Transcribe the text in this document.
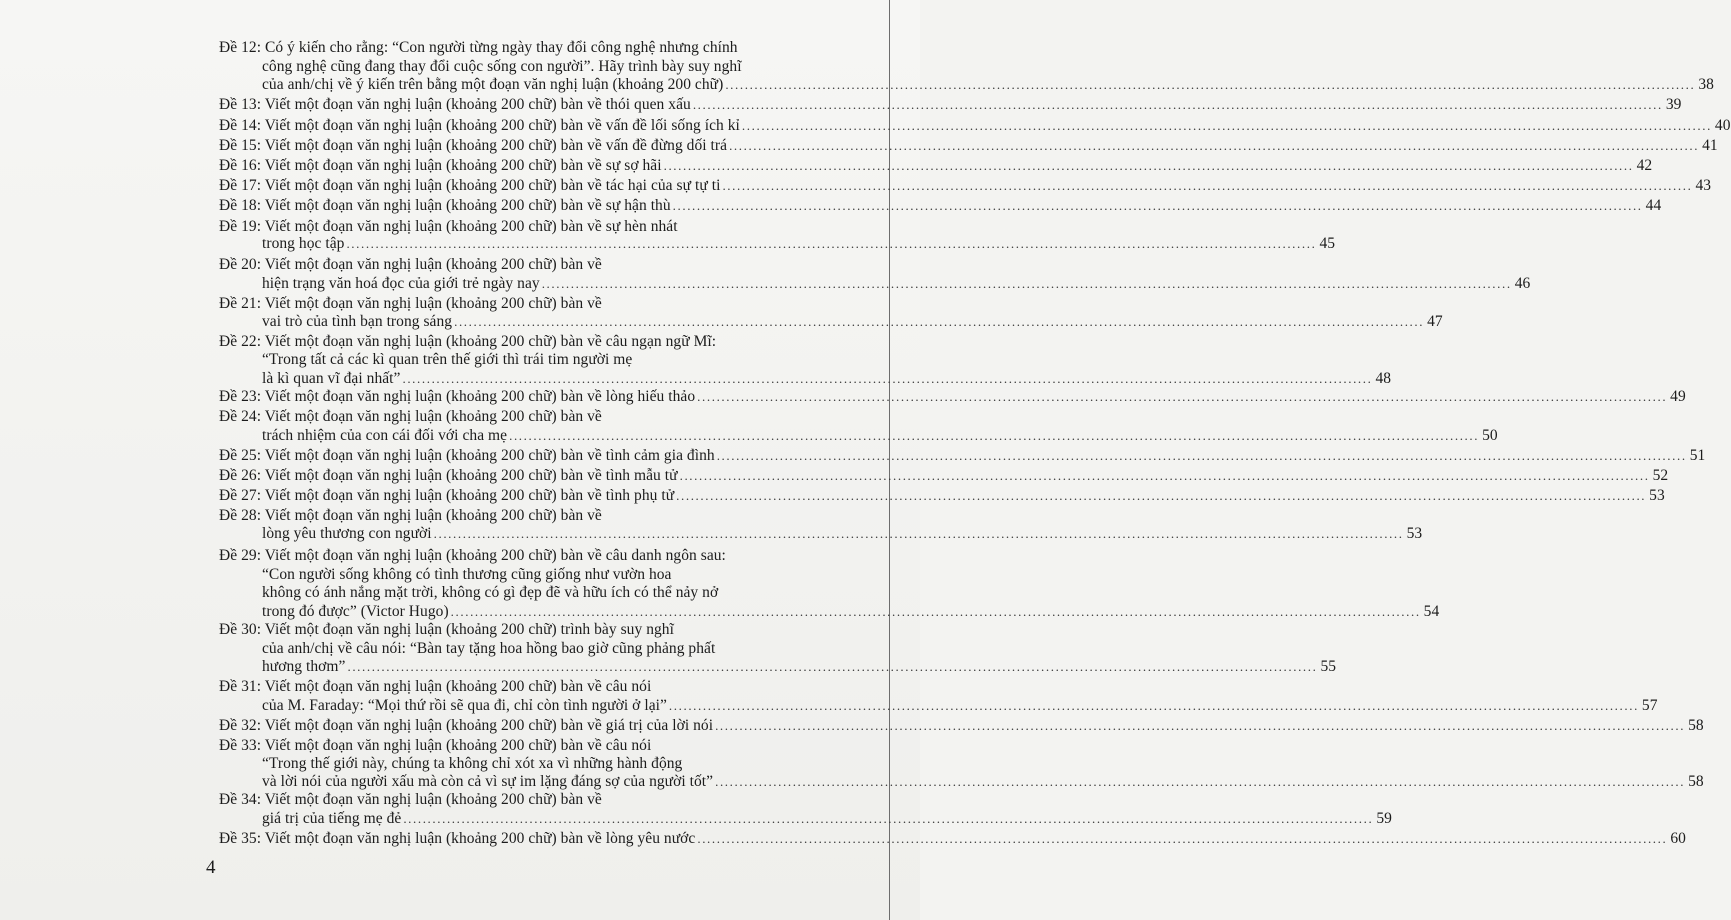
Đề 12: Có ý kiến cho rằng: “Con người từng ngày thay đổi công nghệ nhưng chính
công nghệ cũng đang thay đổi cuộc sống con người”. Hãy trình bày suy nghĩ
của anh/chị về ý kiến trên bằng một đoạn văn nghị luận (khoảng 200 chữ) ........................................................................................................................................................................................................ 38
Đề 13: Viết một đoạn văn nghị luận (khoảng 200 chữ) bàn về thói quen xấu ........................................................................................................................................................................................................ 39
Đề 14: Viết một đoạn văn nghị luận (khoảng 200 chữ) bàn về vấn đề lối sống ích kỉ ........................................................................................................................................................................................................ 40
Đề 15: Viết một đoạn văn nghị luận (khoảng 200 chữ) bàn về vấn đề đừng dối trá ........................................................................................................................................................................................................ 41
Đề 16: Viết một đoạn văn nghị luận (khoảng 200 chữ) bàn về sự sợ hãi ........................................................................................................................................................................................................ 42
Đề 17: Viết một đoạn văn nghị luận (khoảng 200 chữ) bàn về tác hại của sự tự ti ........................................................................................................................................................................................................ 43
Đề 18: Viết một đoạn văn nghị luận (khoảng 200 chữ) bàn về sự hận thù ........................................................................................................................................................................................................ 44
Đề 19: Viết một đoạn văn nghị luận (khoảng 200 chữ) bàn về sự hèn nhát
trong học tập ........................................................................................................................................................................................................ 45
Đề 20: Viết một đoạn văn nghị luận (khoảng 200 chữ) bàn về
hiện trạng văn hoá đọc của giới trẻ ngày nay ........................................................................................................................................................................................................ 46
Đề 21: Viết một đoạn văn nghị luận (khoảng 200 chữ) bàn về
vai trò của tình bạn trong sáng ........................................................................................................................................................................................................ 47
Đề 22: Viết một đoạn văn nghị luận (khoảng 200 chữ) bàn về câu ngạn ngữ Mĩ:
“Trong tất cả các kì quan trên thế giới thì trái tim người mẹ
là kì quan vĩ đại nhất” ........................................................................................................................................................................................................ 48
Đề 23: Viết một đoạn văn nghị luận (khoảng 200 chữ) bàn về lòng hiếu thảo ........................................................................................................................................................................................................ 49
Đề 24: Viết một đoạn văn nghị luận (khoảng 200 chữ) bàn về
trách nhiệm của con cái đối với cha mẹ ........................................................................................................................................................................................................ 50
Đề 25: Viết một đoạn văn nghị luận (khoảng 200 chữ) bàn về tình cảm gia đình ........................................................................................................................................................................................................ 51
Đề 26: Viết một đoạn văn nghị luận (khoảng 200 chữ) bàn về tình mẫu tử ........................................................................................................................................................................................................ 52
Đề 27: Viết một đoạn văn nghị luận (khoảng 200 chữ) bàn về tình phụ tử ........................................................................................................................................................................................................ 53
Đề 28: Viết một đoạn văn nghị luận (khoảng 200 chữ) bàn về
lòng yêu thương con người ........................................................................................................................................................................................................ 53
Đề 29: Viết một đoạn văn nghị luận (khoảng 200 chữ) bàn về câu danh ngôn sau:
“Con người sống không có tình thương cũng giống như vườn hoa
không có ánh nắng mặt trời, không có gì đẹp đẽ và hữu ích có thể nảy nở
trong đó được” (Victor Hugo) ........................................................................................................................................................................................................ 54
Đề 30: Viết một đoạn văn nghị luận (khoảng 200 chữ) trình bày suy nghĩ
của anh/chị về câu nói: “Bàn tay tặng hoa hồng bao giờ cũng phảng phất
hương thơm” ........................................................................................................................................................................................................ 55
Đề 31: Viết một đoạn văn nghị luận (khoảng 200 chữ) bàn về câu nói
của M. Faraday: “Mọi thứ rồi sẽ qua đi, chỉ còn tình người ở lại” ........................................................................................................................................................................................................ 57
Đề 32: Viết một đoạn văn nghị luận (khoảng 200 chữ) bàn về giá trị của lời nói ........................................................................................................................................................................................................ 58
Đề 33: Viết một đoạn văn nghị luận (khoảng 200 chữ) bàn về câu nói
“Trong thế giới này, chúng ta không chỉ xót xa vì những hành động
và lời nói của người xấu mà còn cả vì sự im lặng đáng sợ của người tốt” ........................................................................................................................................................................................................ 58
Đề 34: Viết một đoạn văn nghị luận (khoảng 200 chữ) bàn về
giá trị của tiếng mẹ đẻ ........................................................................................................................................................................................................ 59
Đề 35: Viết một đoạn văn nghị luận (khoảng 200 chữ) bàn về lòng yêu nước ........................................................................................................................................................................................................ 60
4
